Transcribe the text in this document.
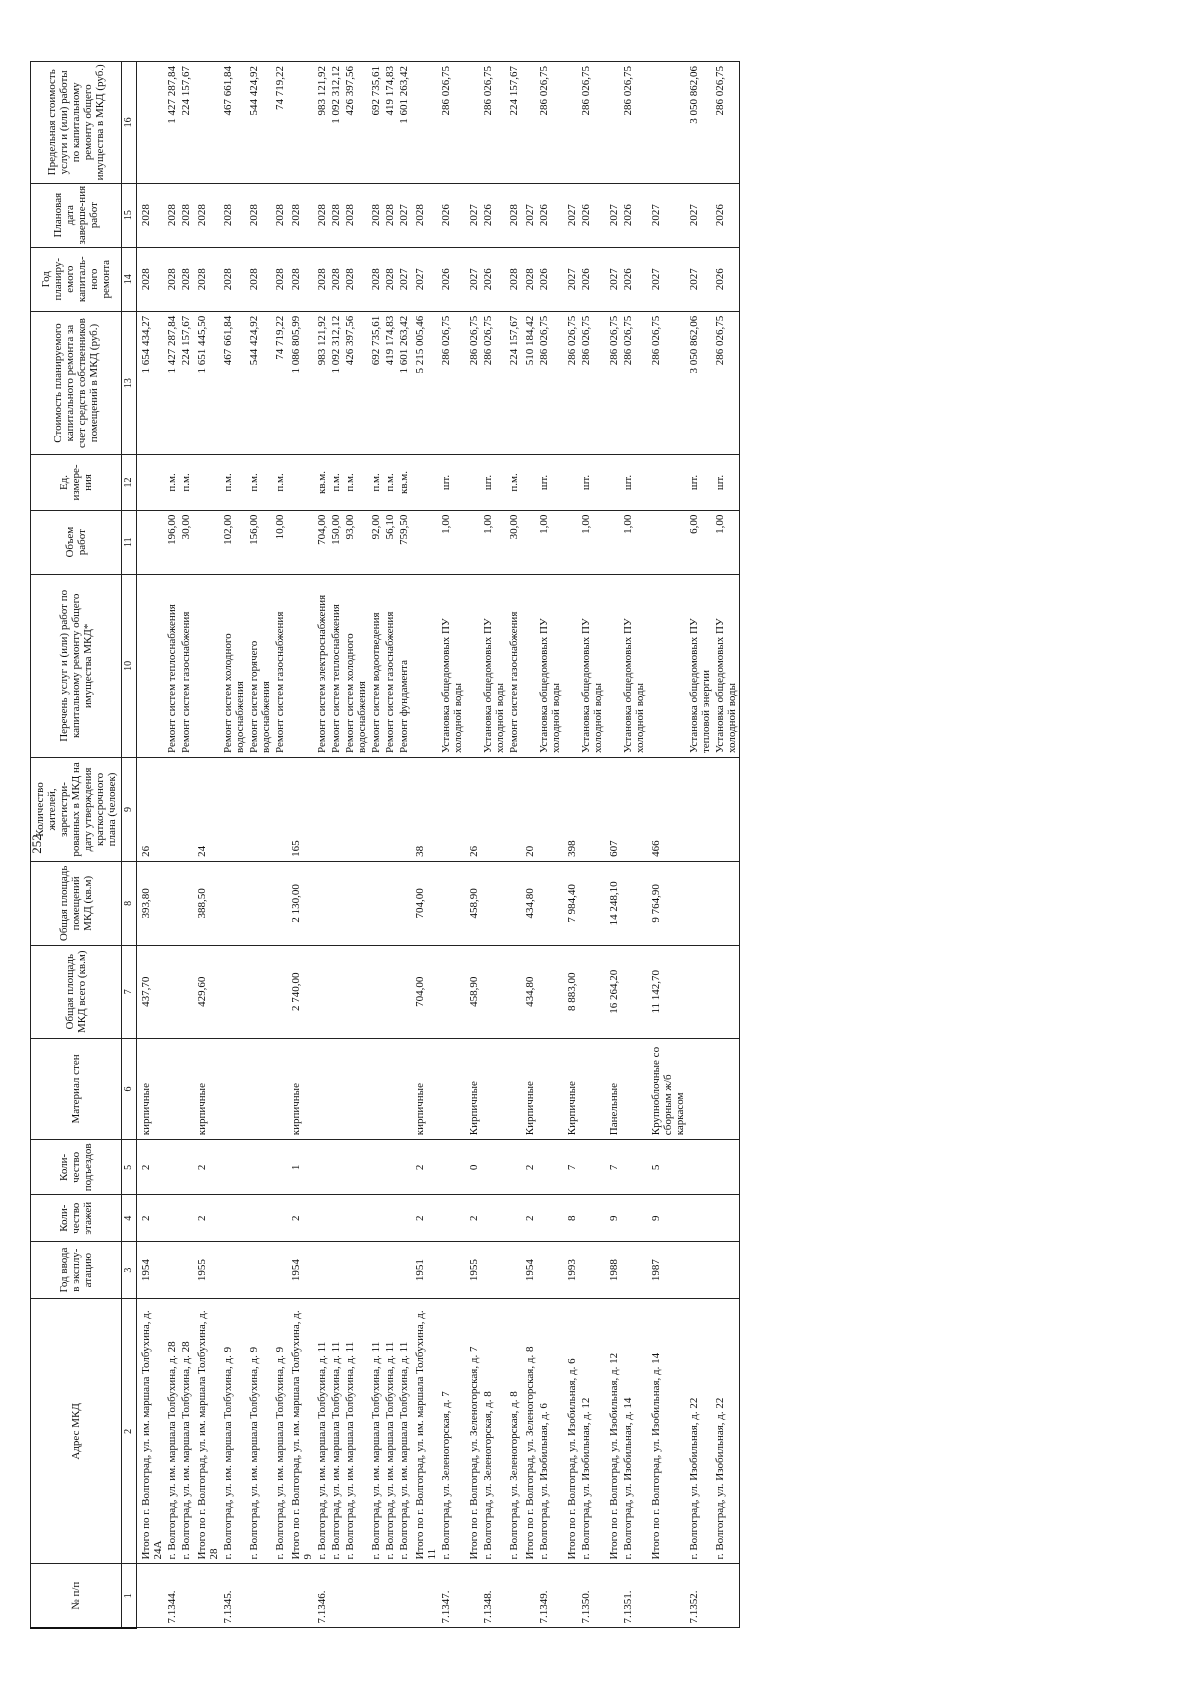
252
№ п/п	Адрес МКД	Год ввода в эксплу-атацию	Коли-чество этажей	Коли-чество подъездов	Материал стен	Общая площадь МКД всего (кв.м)	Общая площадь помещений МКД (кв.м)	Количество жителей, зарегистри-рованных в МКД на дату утверждения краткосрочного плана (человек)	Перечень услуг и (или) работ по капитальному ремонту общего имущества МКД*	Объем работ	Ед. измере-ния	Стоимость планируемого капитального ремонта за счет средств собственников помещений в МКД (руб.)	Год планиру-емого капиталь-ного ремонта	Плановая дата заверше-ния работ	Предельная стоимость услуги и (или) работы по капитальному ремонту общего имущества в МКД (руб.)
1	2	3	4	5	6	7	8	9	10	11	12	13	14	15	16
	Итого по г. Волгоград, ул. им. маршала Толбухина, д. 24А	1954	2	2	кирпичные	437,70	393,80	26				1 654 434,27	2028	2028	
7.1344.	г. Волгоград, ул. им. маршала Толбухина, д. 28								Ремонт систем теплоснабжения	196,00	п.м.	1 427 287,84	2028	2028	1 427 287,84
	г. Волгоград, ул. им. маршала Толбухина, д. 28								Ремонт систем газоснабжения	30,00	п.м.	224 157,67	2028	2028	224 157,67
	Итого по г. Волгоград, ул. им. маршала Толбухина, д. 28	1955	2	2	кирпичные	429,60	388,50	24				1 651 445,50	2028	2028	
7.1345.	г. Волгоград, ул. им. маршала Толбухина, д. 9								Ремонт систем холодного водоснабжения	102,00	п.м.	467 661,84	2028	2028	467 661,84
	г. Волгоград, ул. им. маршала Толбухина, д. 9								Ремонт систем горячего водоснабжения	156,00	п.м.	544 424,92	2028	2028	544 424,92
	г. Волгоград, ул. им. маршала Толбухина, д. 9								Ремонт систем газоснабжения	10,00	п.м.	74 719,22	2028	2028	74 719,22
	Итого по г. Волгоград, ул. им. маршала Толбухина, д. 9	1954	2	1	кирпичные	2 740,00	2 130,00	165				1 086 805,99	2028	2028	
7.1346.	г. Волгоград, ул. им. маршала Толбухина, д. 11								Ремонт систем электроснабжения	704,00	кв.м.	983 121,92	2028	2028	983 121,92
	г. Волгоград, ул. им. маршала Толбухина, д. 11								Ремонт систем теплоснабжения	150,00	п.м.	1 092 312,12	2028	2028	1 092 312,12
	г. Волгоград, ул. им. маршала Толбухина, д. 11								Ремонт систем холодного водоснабжения	93,00	п.м.	426 397,56	2028	2028	426 397,56
	г. Волгоград, ул. им. маршала Толбухина, д. 11								Ремонт систем водоотведения	92,00	п.м.	692 735,61	2028	2028	692 735,61
	г. Волгоград, ул. им. маршала Толбухина, д. 11								Ремонт систем газоснабжения	56,10	п.м.	419 174,83	2028	2028	419 174,83
	г. Волгоград, ул. им. маршала Толбухина, д. 11								Ремонт фундамента	759,50	кв.м.	1 601 263,42	2027	2027	1 601 263,42
	Итого по г. Волгоград, ул. им. маршала Толбухина, д. 11	1951	2	2	кирпичные	704,00	704,00	38				5 215 005,46	2027	2028	
7.1347.	г. Волгоград, ул. Зеленогорская, д. 7								Установка общедомовых ПУ холодной воды	1,00	шт.	286 026,75	2026	2026	286 026,75
	Итого по г. Волгоград, ул. Зеленогорская, д. 7	1955	2	0	Кирпичные	458,90	458,90	26				286 026,75	2027	2027	
7.1348.	г. Волгоград, ул. Зеленогорская, д. 8								Установка общедомовых ПУ холодной воды	1,00	шт.	286 026,75	2026	2026	286 026,75
	г. Волгоград, ул. Зеленогорская, д. 8								Ремонт систем газоснабжения	30,00	п.м.	224 157,67	2028	2028	224 157,67
	Итого по г. Волгоград, ул. Зеленогорская, д. 8	1954	2	2	Кирпичные	434,80	434,80	20				510 184,42	2028	2027	
7.1349.	г. Волгоград, ул. Изобильная, д. 6								Установка общедомовых ПУ холодной воды	1,00	шт.	286 026,75	2026	2026	286 026,75
	Итого по г. Волгоград, ул. Изобильная, д. 6	1993	8	7	Кирпичные	8 883,00	7 984,40	398				286 026,75	2027	2027	
7.1350.	г. Волгоград, ул. Изобильная, д. 12								Установка общедомовых ПУ холодной воды	1,00	шт.	286 026,75	2026	2026	286 026,75
	Итого по г. Волгоград, ул. Изобильная, д. 12	1988	9	7	Панельные	16 264,20	14 248,10	607				286 026,75	2027	2027	
7.1351.	г. Волгоград, ул. Изобильная, д. 14								Установка общедомовых ПУ холодной воды	1,00	шт.	286 026,75	2026	2026	286 026,75
	Итого по г. Волгоград, ул. Изобильная, д. 14	1987	9	5	Крупноблочные со сборным ж/б каркасом	11 142,70	9 764,90	466				286 026,75	2027	2027	
7.1352.	г. Волгоград, ул. Изобильная, д. 22								Установка общедомовых ПУ тепловой энергии	6,00	шт.	3 050 862,06	2027	2027	3 050 862,06
	г. Волгоград, ул. Изобильная, д. 22								Установка общедомовых ПУ холодной воды	1,00	шт.	286 026,75	2026	2026	286 026,75
